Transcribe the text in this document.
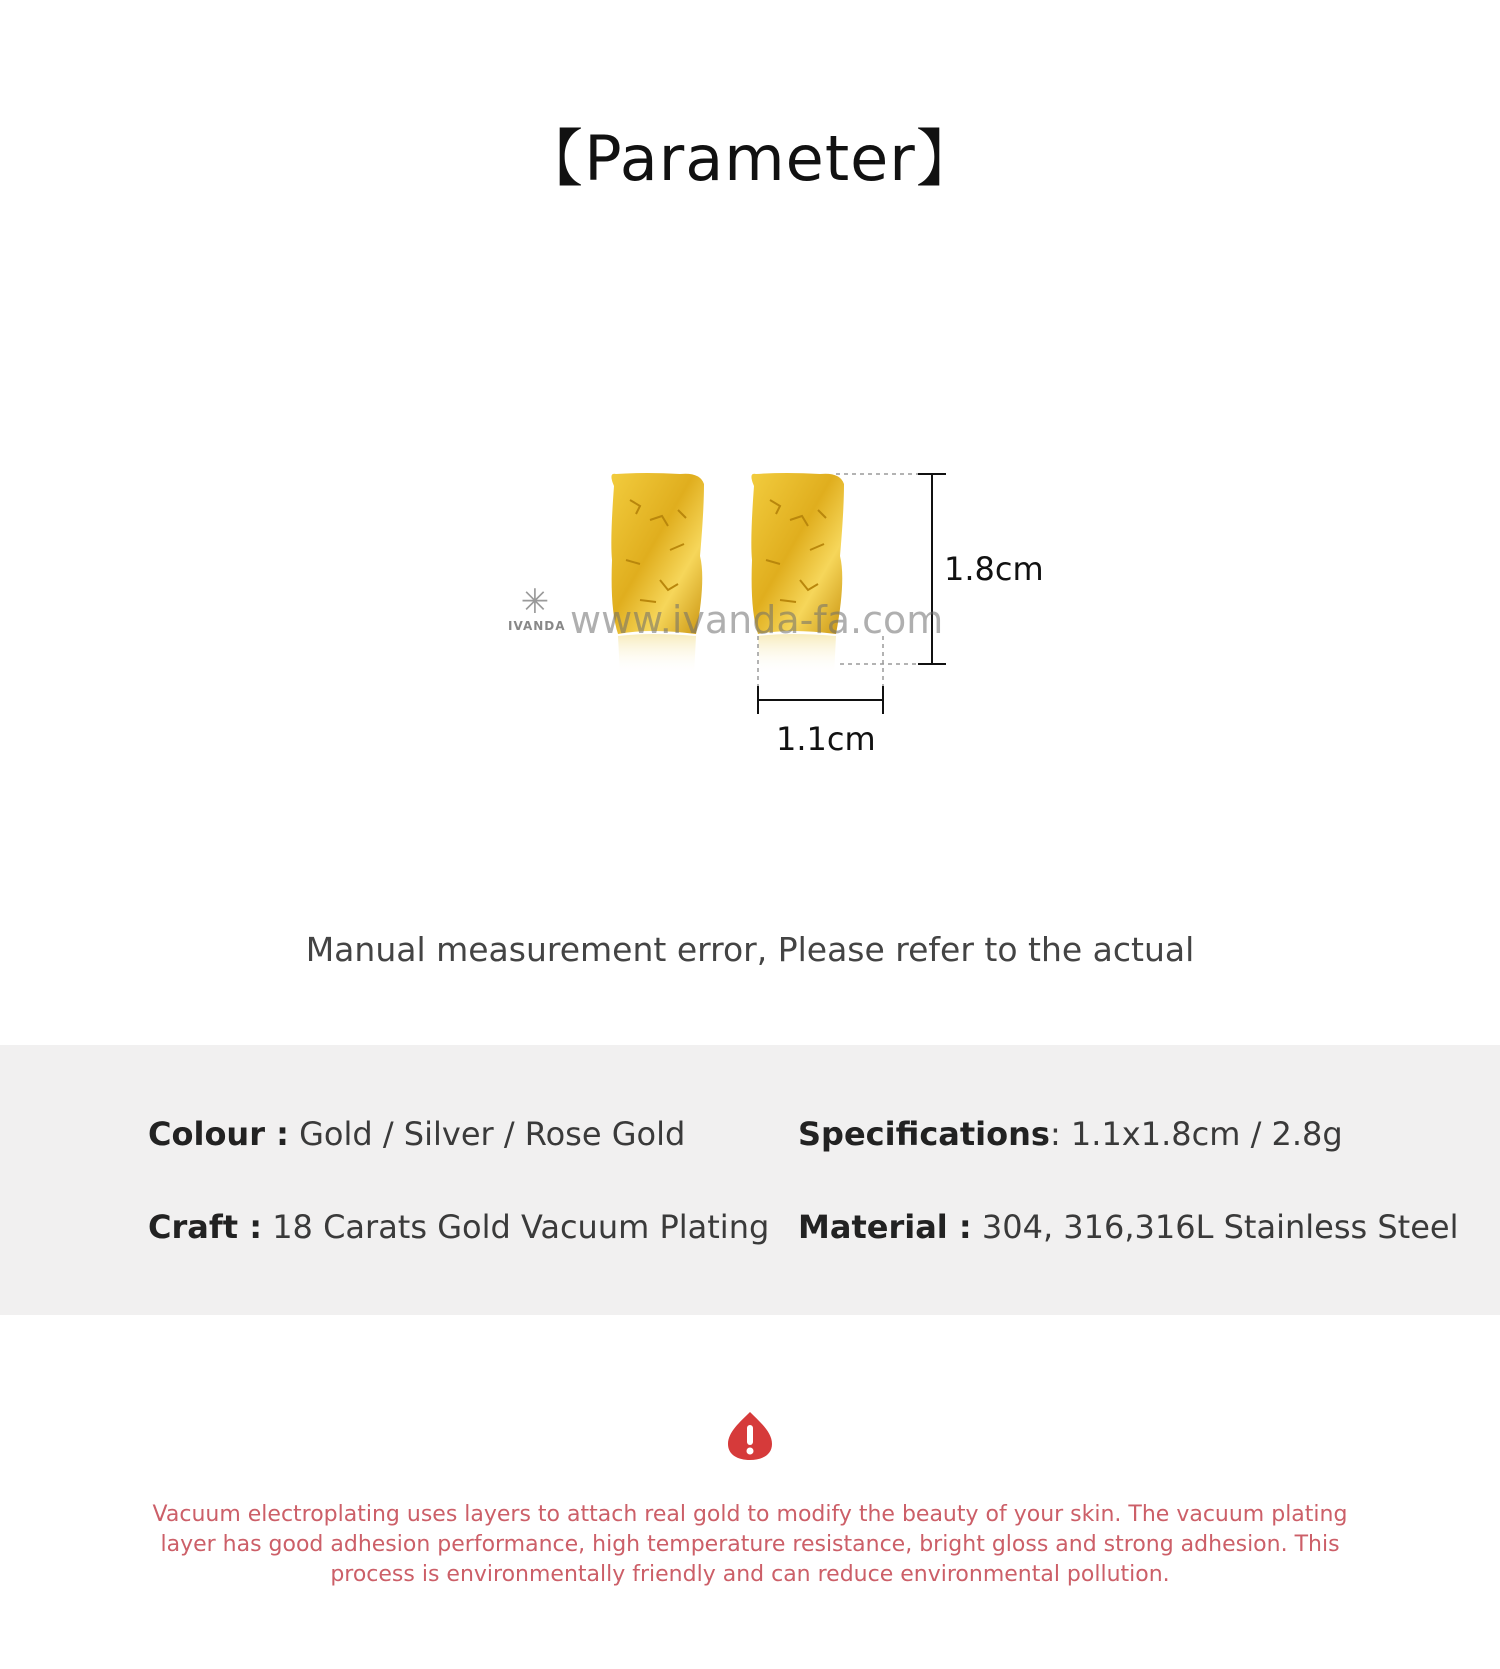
【Parameter】
✳
IVANDA www.ivanda-fa.com
1.8cm
1.1cm
Manual measurement error, Please refer to the actual
Colour : Gold / Silver / Rose Gold	Specifications: 1.1x1.8cm / 2.8g
Craft : 18 Carats Gold Vacuum Plating Material : 304, 316,316L Stainless Steel
Vacuum electroplating uses layers to attach real gold to modify the beauty of your skin. The vacuum plating layer has good adhesion performance, high temperature resistance, bright gloss and strong adhesion. This process is environmentally friendly and can reduce environmental pollution.
